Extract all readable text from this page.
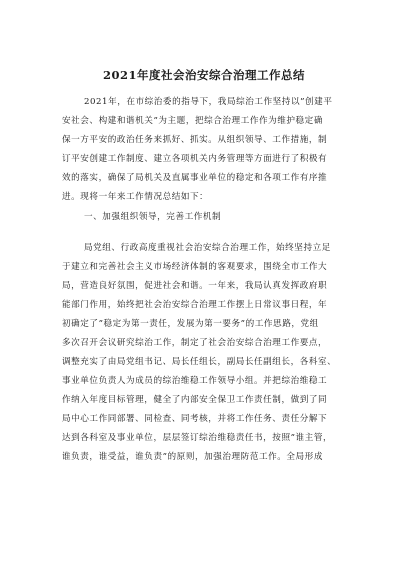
2021年度社会治安综合治理工作总结
2021年，在市综治委的指导下，我局综治工作坚持以”创建平
安社会、构建和谐机关”为主题，把综合治理工作作为维护稳定确
保一方平安的政治任务来抓好、抓实。从组织领导、工作措施，制
订平安创建工作制度、建立各项机关内务管理等方面进行了积极有
效的落实，确保了局机关及直属事业单位的稳定和各项工作有序推
进。现将一年来工作情况总结如下：
一、加强组织领导，完善工作机制
局党组、行政高度重视社会治安综合治理工作，始终坚持立足
于建立和完善社会主义市场经济体制的客观要求，围绕全市工作大
局，营造良好氛围，促进社会和谐。一年来，我局认真发挥政府职
能部门作用，始终把社会治安综合治理工作摆上日常议事日程，年
初确定了”稳定为第一责任，发展为第一要务”的工作思路，党组
多次召开会议研究综治工作，制定了社会治安综合治理工作要点，
调整充实了由局党组书记、局长任组长，副局长任副组长，各科室、
事业单位负责人为成员的综治维稳工作领导小组。并把综治维稳工
作纳入年度目标管理，健全了内部安全保卫工作责任制，做到了同
局中心工作同部署、同检查、同考核，并将工作任务、责任分解下
达到各科室及事业单位，层层签订综治维稳责任书，按照”谁主管，
谁负责，谁受益，谁负责”的原则，加强治理防范工作。全局形成
